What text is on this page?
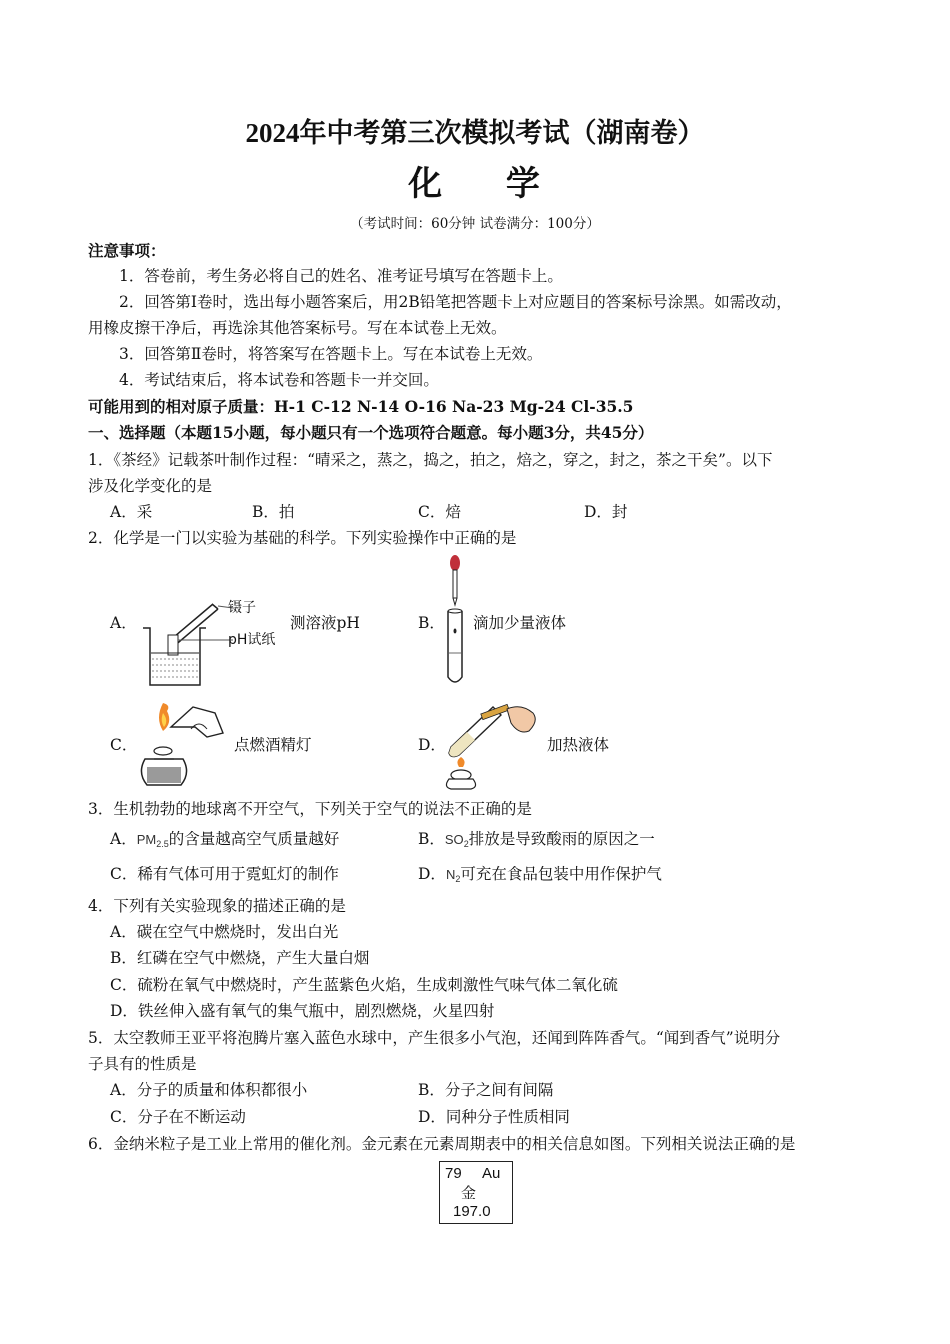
2024年中考第三次模拟考试（湖南卷）
化 学
（考试时间：60分钟 试卷满分：100分）
注意事项：
1．答卷前，考生务必将自己的姓名、准考证号填写在答题卡上。
2．回答第Ⅰ卷时，选出每小题答案后，用2B铅笔把答题卡上对应题目的答案标号涂黑。如需改动，
用橡皮擦干净后，再选涂其他答案标号。写在本试卷上无效。
3．回答第Ⅱ卷时，将答案写在答题卡上。写在本试卷上无效。
4．考试结束后，将本试卷和答题卡一并交回。
可能用到的相对原子质量：H-1 C-12 N-14 O-16 Na-23 Mg-24 Cl-35.5
一、选择题（本题15小题，每小题只有一个选项符合题意。每小题3分，共45分）
1．《茶经》记载茶叶制作过程：“晴采之，蒸之，捣之，拍之，焙之，穿之，封之，茶之干矣”。以下
涉及化学变化的是
A．采	B．拍	C．焙	D．封
2．化学是一门以实验为基础的科学。下列实验操作中正确的是
A．
镊子
pH试纸
测溶液pH	B． 滴加少量液体
C．	点燃酒精灯	D．	加热液体
3．生机勃勃的地球离不开空气，下列关于空气的说法不正确的是
A．$PM_{2.5}$的含量越高空气质量越好	B．$SO_2$排放是导致酸雨的原因之一
C．稀有气体可用于霓虹灯的制作	D．$N_2$可充在食品包装中用作保护气
4．下列有关实验现象的描述正确的是
A．碳在空气中燃烧时，发出白光
B．红磷在空气中燃烧，产生大量白烟
C．硫粉在氧气中燃烧时，产生蓝紫色火焰，生成刺激性气味气体二氧化硫
D．铁丝伸入盛有氧气的集气瓶中，剧烈燃烧，火星四射
5．太空教师王亚平将泡腾片塞入蓝色水球中，产生很多小气泡，还闻到阵阵香气。“闻到香气”说明分
子具有的性质是
A．分子的质量和体积都很小	B．分子之间有间隔
C．分子在不断运动	D．同种分子性质相同
6．金纳米粒子是工业上常用的催化剂。金元素在元素周期表中的相关信息如图。下列相关说法正确的是
79 Au
金
197.0
